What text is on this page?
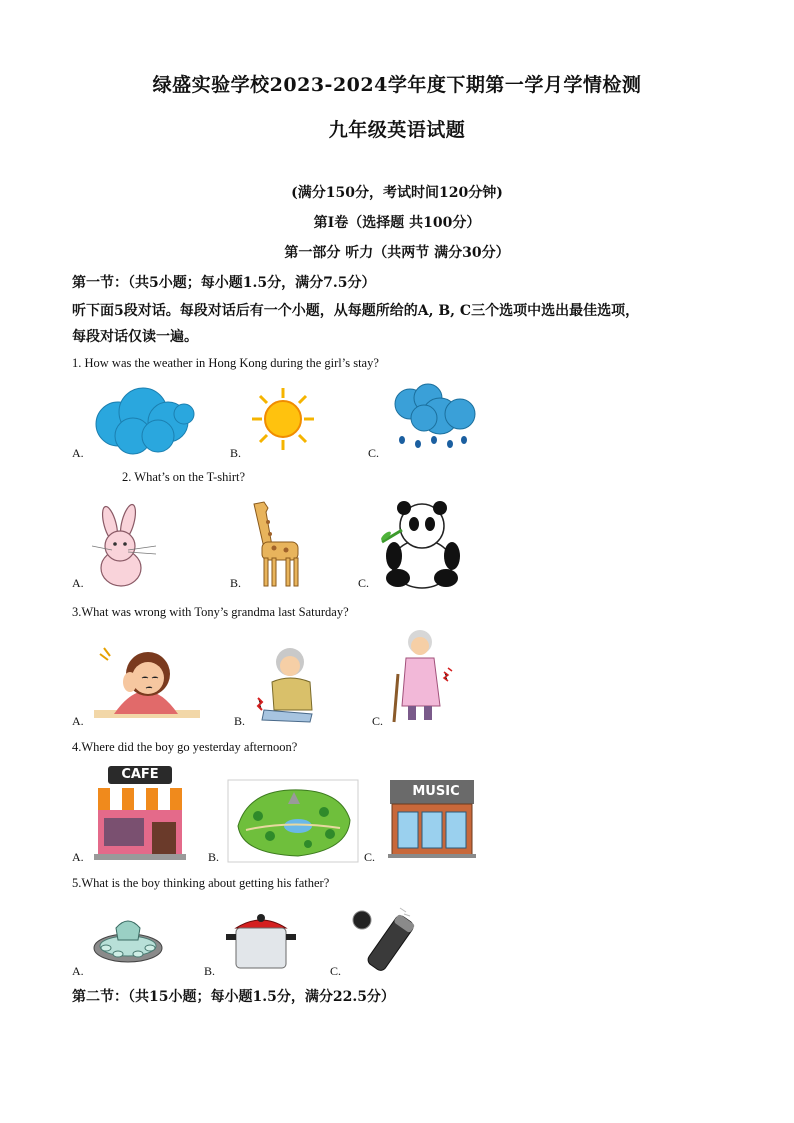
绿盛实验学校2023-2024学年度下期第一学月学情检测
九年级英语试题
(满分150分，考试时间120分钟)
第Ⅰ卷（选择题 共100分）
第一部分 听力（共两节 满分30分）
第一节：（共5小题；每小题1.5分，满分7.5分）
听下面5段对话。每段对话后有一个小题，从每题所给的A, B, C三个选项中选出最佳选项，
每段对话仅读一遍。
1. How was the weather in Hong Kong during the girl’s stay?
A.	B.	C.
2. What’s on the T-shirt?
A.	B.	C.
3.What was wrong with Tony’s grandma last Saturday?
A.	B.	C.
4.Where did the boy go yesterday afternoon?
CAFE
A.	B.
MUSIC
C.
5.What is the boy thinking about getting his father?
A.	B.	C.
第二节：（共15小题；每小题1.5分，满分22.5分）
